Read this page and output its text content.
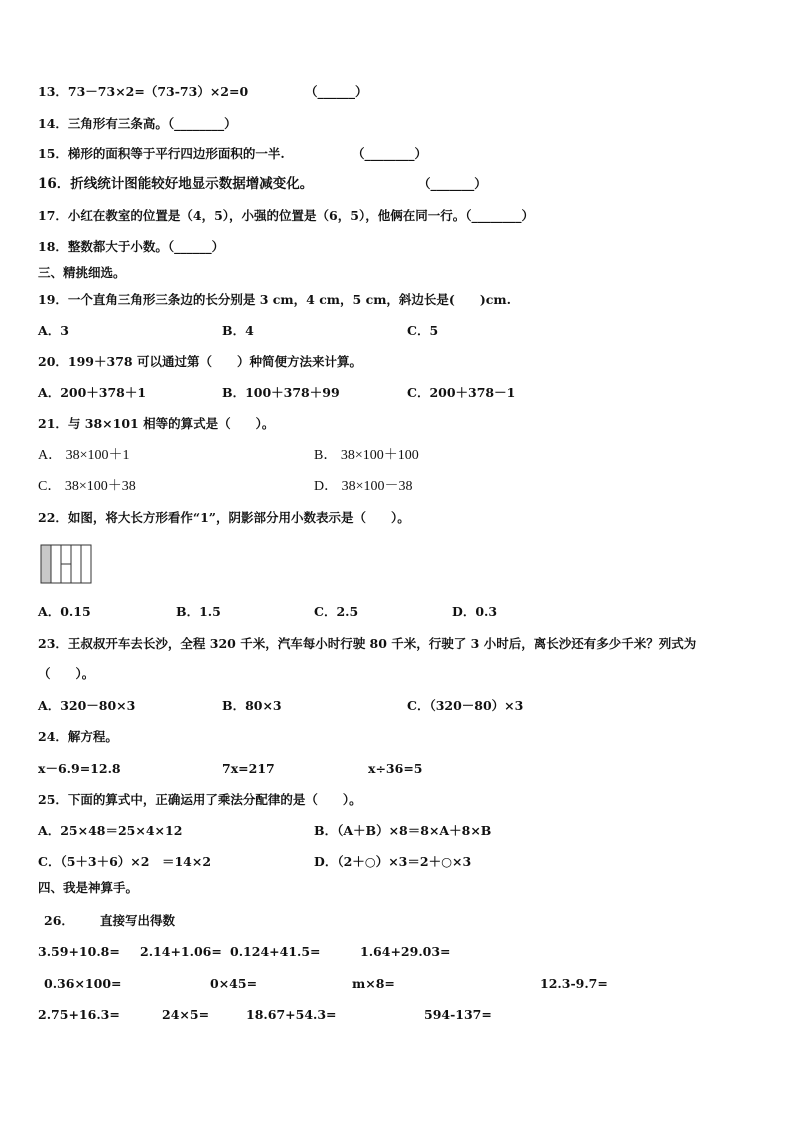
13．73－73×2=（73-73）×2=0	（______）
14．三角形有三条高。（________）
15．梯形的面积等于平行四边形面积的一半.	（________）
16．折线统计图能较好地显示数据增减变化。	（_______）
17．小红在教室的位置是（4，5），小强的位置是（6，5），他俩在同一行。（________）
18．整数都大于小数。（______）
三、精挑细选。
19．一个直角三角形三条边的长分别是 3 cm，4 cm，5 cm，斜边长是(　　)cm.
A．3	B．4	C．5
20．199＋378 可以通过第（　　）种简便方法来计算。
A．200＋378＋1	B．100＋378＋99	C．200＋378－1
21．与 38×101 相等的算式是（　　）。
A． 38×100＋1	B． 38×100＋100
C． 38×100＋38	D． 38×100－38
22．如图，将大长方形看作“1”，阴影部分用小数表示是（　　）。
A．0.15	B．1.5	C．2.5	D．0.3
23．王叔叔开车去长沙，全程 320 千米，汽车每小时行驶 80 千米，行驶了 3 小时后，离长沙还有多少千米？列式为
（　　）。
A．320－80×3	B．80×3	C．（320－80）×3
24．解方程。
x－6.9=12.8	7x=217	x÷36=5
25．下面的算式中，正确运用了乘法分配律的是（　　）。
A．25×48＝25×4×12	B．（A＋B）×8＝8×A＋8×B
C．（5＋3＋6）×2　＝14×2	D．（2＋○）×3＝2＋○×3
四、我是神算手。
26． 直接写出得数
3.59+10.8= 2.14+1.06= 0.124+41.5=	1.64+29.03=
0.36×100=	0×45=	m×8=	12.3-9.7=
2.75+16.3=	24×5=	18.67+54.3=	594-137=
